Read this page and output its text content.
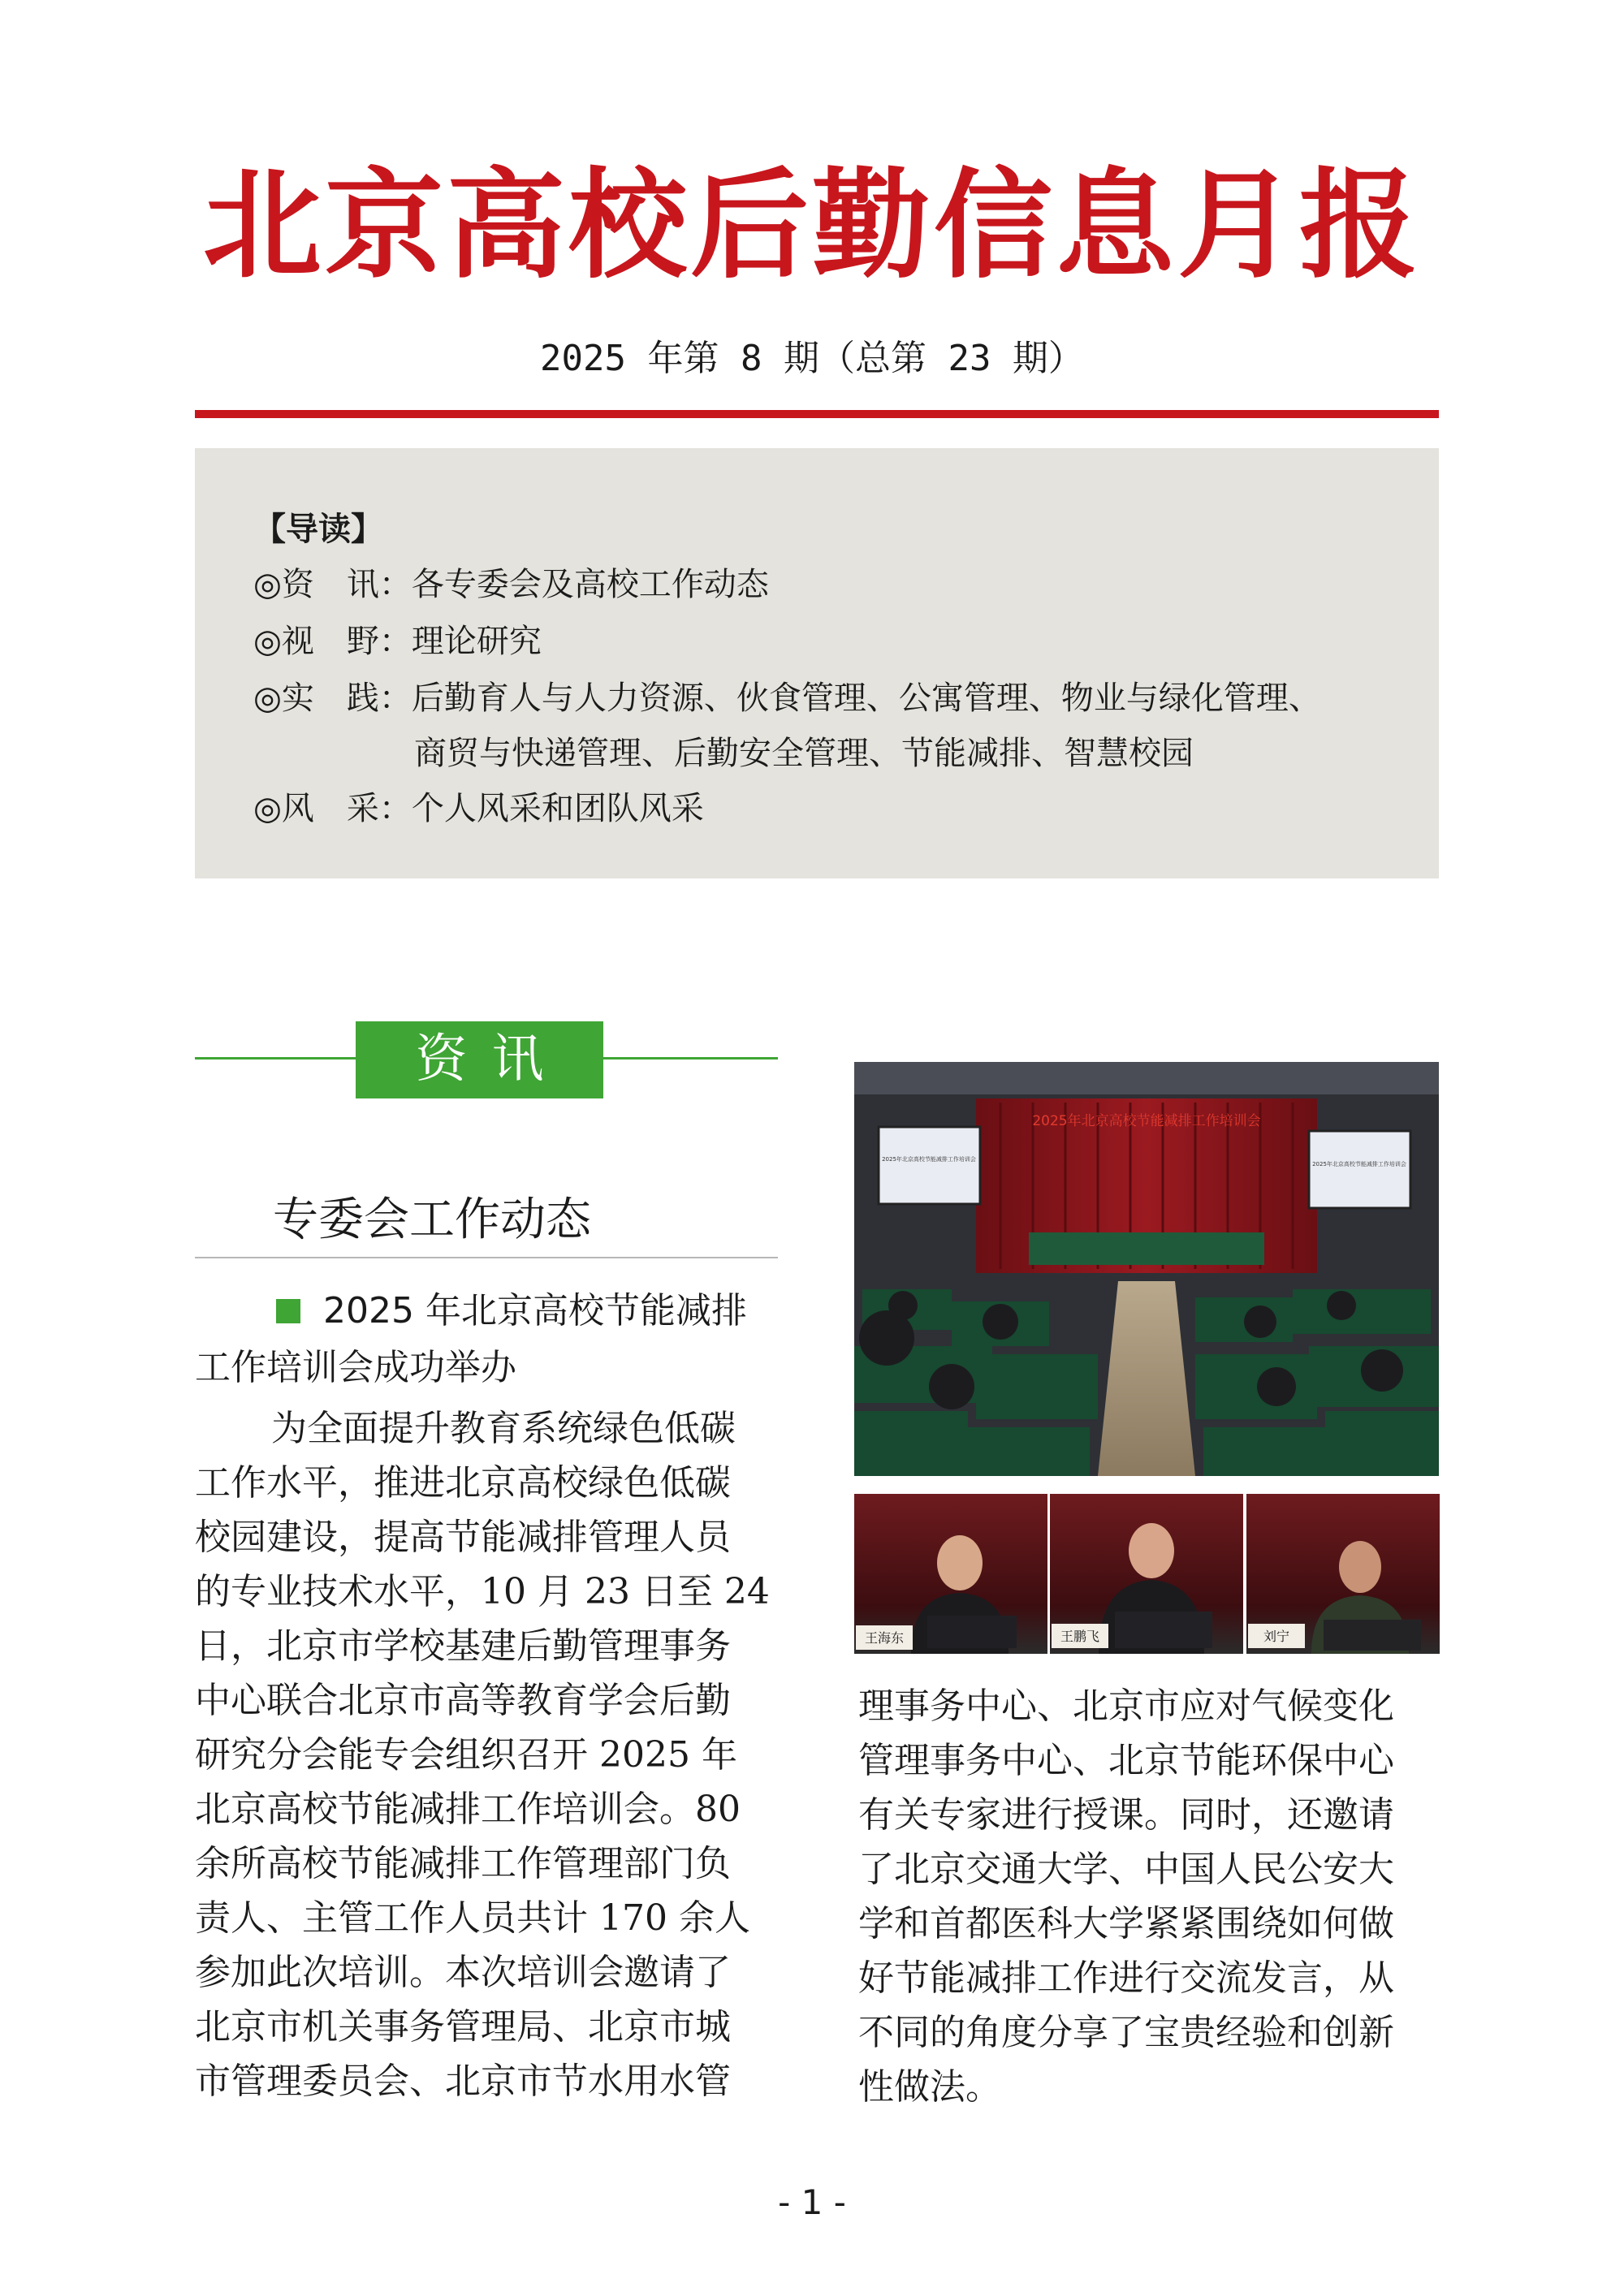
北京高校后勤信息月报
2025 年第 8 期（总第 23 期）
【导读】
◎资　讯：各专委会及高校工作动态
◎视　野：理论研究
◎实　践：后勤育人与人力资源、伙食管理、公寓管理、物业与绿化管理、
商贸与快递管理、后勤安全管理、节能减排、智慧校园
◎风　采：个人风采和团队风采
资讯
专委会工作动态
2025 年北京高校节能减排
工作培训会成功举办
为全面提升教育系统绿色低碳
工作水平，推进北京高校绿色低碳
校园建设，提高节能减排管理人员
的专业技术水平，10 月 23 日至 24
日，北京市学校基建后勤管理事务
中心联合北京市高等教育学会后勤
研究分会能专会组织召开 2025 年
北京高校节能减排工作培训会。80
余所高校节能减排工作管理部门负
责人、主管工作人员共计 170 余人
参加此次培训。本次培训会邀请了
北京市机关事务管理局、北京市城
市管理委员会、北京市节水用水管
2025年北京高校节能减排工作培训会
2025年北京高校节能减排工作培训会
2025年北京高校节能减排工作培训会
王海东	王鹏飞	刘宁
理事务中心、北京市应对气候变化
管理事务中心、北京节能环保中心
有关专家进行授课。同时，还邀请
了北京交通大学、中国人民公安大
学和首都医科大学紧紧围绕如何做
好节能减排工作进行交流发言，从
不同的角度分享了宝贵经验和创新
性做法。
- 1 -
